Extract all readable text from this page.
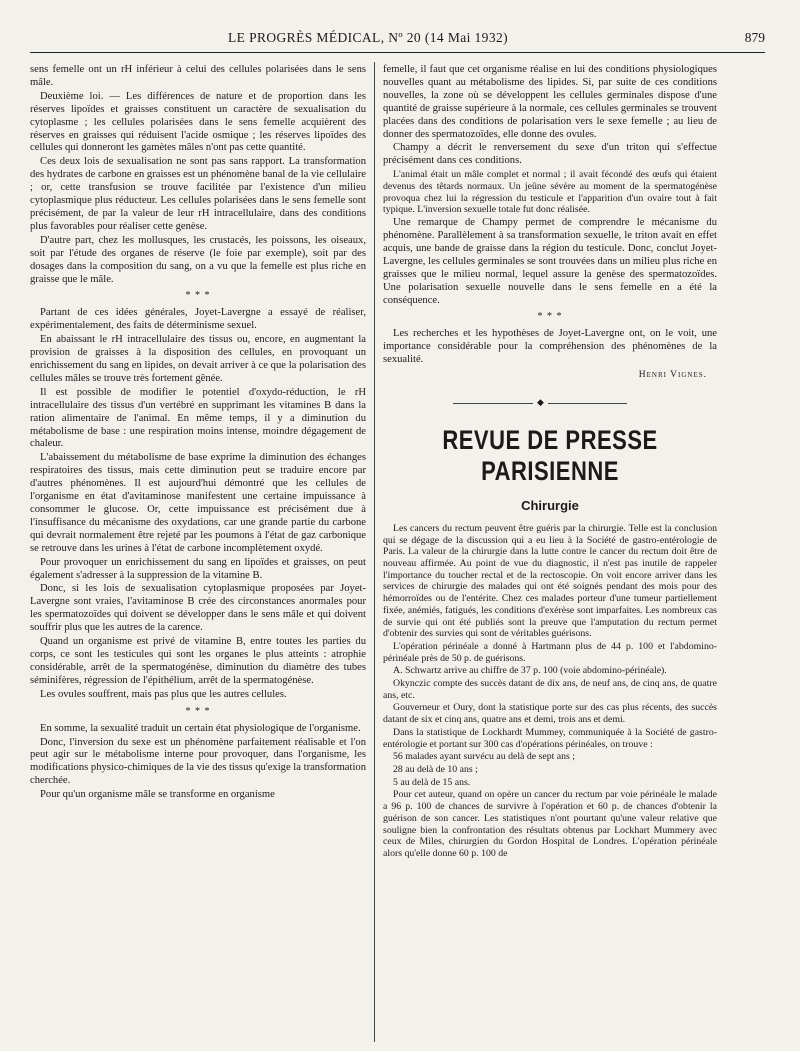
LE PROGRÈS MÉDICAL, Nº 20 (14 Mai 1932)	879

sens femelle ont un rH inférieur à celui des cellules polarisées dans le sens mâle.

Deuxième loi. — Les différences de nature et de proportion dans les réserves lipoïdes et graisses constituent un caractère de sexualisation du cytoplasme ; les cellules polarisées dans le sens femelle acquièrent des réserves en graisses qui réduisent l'acide osmique ; les réserves lipoïdes des cellules qui donneront les gamètes mâles n'ont pas cette quantité.

Ces deux lois de sexualisation ne sont pas sans rapport. La transformation des hydrates de carbone en graisses est un phénomène banal de la vie cellulaire ; or, cette transfusion se trouve facilitée par l'existence d'un milieu cytoplasmique plus réducteur. Les cellules polarisées dans le sens femelle sont précisément, de par la valeur de leur rH intracellulaire, dans des conditions plus favorables pour réaliser cette genèse.

D'autre part, chez les mollusques, les crustacés, les poissons, les oiseaux, soit par l'étude des organes de réserve (le foie par exemple), soit par des dosages dans la composition du sang, on a vu que la femelle est plus riche en graisse que le mâle.

* * *

Partant de ces idées générales, Joyet-Lavergne a essayé de réaliser, expérimentalement, des faits de déterminisme sexuel.

En abaissant le rH intracellulaire des tissus ou, encore, en augmentant la provision de graisses à la disposition des cellules, en provoquant un enrichissement du sang en lipides, on devait arriver à ce que la polarisation des cellules mâles se trouve très fortement gênée.

Il est possible de modifier le potentiel d'oxydo-réduction, le rH intracellulaire des tissus d'un vertébré en supprimant les vitamines B dans la ration alimentaire de l'animal. En même temps, il y a diminution du métabolisme de base : une respiration moins intense, moindre dégagement de chaleur.

L'abaissement du métabolisme de base exprime la diminution des échanges respiratoires des tissus, mais cette diminution peut se traduire encore par d'autres phénomènes. Il est aujourd'hui démontré que les cellules de l'organisme en état d'avitaminose manifestent une certaine impuissance à consommer le glucose. Or, cette impuissance est précisément due à l'insuffisance du mécanisme des oxydations, car une grande partie du carbone qui devrait normalement être rejeté par les poumons à l'état de gaz carbonique se retrouve dans les urines à l'état de carbone incomplètement oxydé.

Pour provoquer un enrichissement du sang en lipoïdes et graisses, on peut également s'adresser à la suppression de la vitamine B.

Donc, si les lois de sexualisation cytoplasmique proposées par Joyet-Lavergne sont vraies, l'avitaminose B crée des circonstances anormales pour les spermatozoïdes qui doivent se développer dans le sens mâle et qui doivent souffrir plus que les autres de la carence.

Quand un organisme est privé de vitamine B, entre toutes les parties du corps, ce sont les testicules qui sont les organes le plus atteints : atrophie considérable, arrêt de la spermatogénèse, diminution du diamètre des tubes séminifères, régression de l'épithélium, arrêt de la spermatogénèse.

Les ovules souffrent, mais pas plus que les autres cellules.

* * *

En somme, la sexualité traduit un certain état physiologique de l'organisme.

Donc, l'inversion du sexe est un phénomène parfaitement réalisable et l'on peut agir sur le métabolisme interne pour provoquer, dans l'organisme, les modifications physico-chimiques de la vie des tissus qu'exige la transformation cherchée.

Pour qu'un organisme mâle se transforme en organisme

femelle, il faut que cet organisme réalise en lui des conditions physiologiques nouvelles quant au métabolisme des lipides. Si, par suite de ces conditions nouvelles, la zone où se développent les cellules germinales dispose d'une quantité de graisse supérieure à la normale, ces cellules germinales se trouvent placées dans des conditions de polarisation vers le sexe femelle ; au lieu de donner des spermatozoïdes, elle donne des ovules.

Champy a décrit le renversement du sexe d'un triton qui s'effectue précisément dans ces conditions.

L'animal était un mâle complet et normal ; il avait fécondé des œufs qui étaient devenus des têtards normaux. Un jeûne sévère au moment de la spermatogénèse provoqua chez lui la régression du testicule et l'apparition d'un ovaire tout à fait typique. L'inversion sexuelle totale fut donc réalisée.

Une remarque de Champy permet de comprendre le mécanisme du phénomène. Parallèlement à sa transformation sexuelle, le triton avait en effet acquis, une bande de graisse dans la région du testicule. Donc, conclut Joyet-Lavergne, les cellules germinales se sont trouvées dans un milieu plus riche en graisses que le milieu normal, lequel assure la genèse des spermatozoïdes. Une polarisation sexuelle nouvelle dans le sens femelle en a été la conséquence.

* * *

Les recherches et les hypothèses de Joyet-Lavergne ont, on le voit, une importance considérable pour la compréhension des phénomènes de la sexualité.

Henri Vignes.
◆
REVUE DE PRESSE PARISIENNE
Chirurgie

Les cancers du rectum peuvent être guéris par la chirurgie. Telle est la conclusion qui se dégage de la discussion qui a eu lieu à la Société de gastro-entérologie de Paris. La valeur de la chirurgie dans la lutte contre le cancer du rectum doit être de nouveau affirmée. Au point de vue du diagnostic, il n'est pas inutile de rappeler l'importance du toucher rectal et de la rectoscopie. On voit encore arriver dans les services de chirurgie des malades qui ont été soignés pendant des mois pour des hémorroïdes ou de l'entérite. Chez ces malades porteur d'une tumeur partiellement fixée, anémiés, fatigués, les conditions d'exérèse sont imparfaites. Les nombreux cas de survie qui ont été publiés sont la preuve que l'amputation du rectum permet d'obtenir des survies qui sont de véritables guérisons.

L'opération périnéale a donné à Hartmann plus de 44 p. 100 et l'abdomino-périnéale près de 50 p. de guérisons.

A. Schwartz arrive au chiffre de 37 p. 100 (voie abdomino-périnéale).

Okynczic compte des succès datant de dix ans, de neuf ans, de cinq ans, de quatre ans, etc.

Gouverneur et Oury, dont la statistique porte sur des cas plus récents, des succès datant de six et cinq ans, quatre ans et demi, trois ans et demi.

Dans la statistique de Lockhardt Mummey, communiquée à la Société de gastro-entérologie et portant sur 300 cas d'opérations périnéales, on trouve :

56 malades ayant survécu au delà de sept ans ;

28 au delà de 10 ans ;

5 au delà de 15 ans.

Pour cet auteur, quand on opère un cancer du rectum par voie périnéale le malade a 96 p. 100 de chances de survivre à l'opération et 60 p. de chances d'obtenir la guérison de son cancer. Les statistiques n'ont pourtant qu'une valeur relative que souligne bien la confrontation des résultats obtenus par Lockhart Mummery avec ceux de Miles, chirurgien du Gordon Hospital de Londres. L'opération périnéale alors qu'elle donne 60 p. 100 de
